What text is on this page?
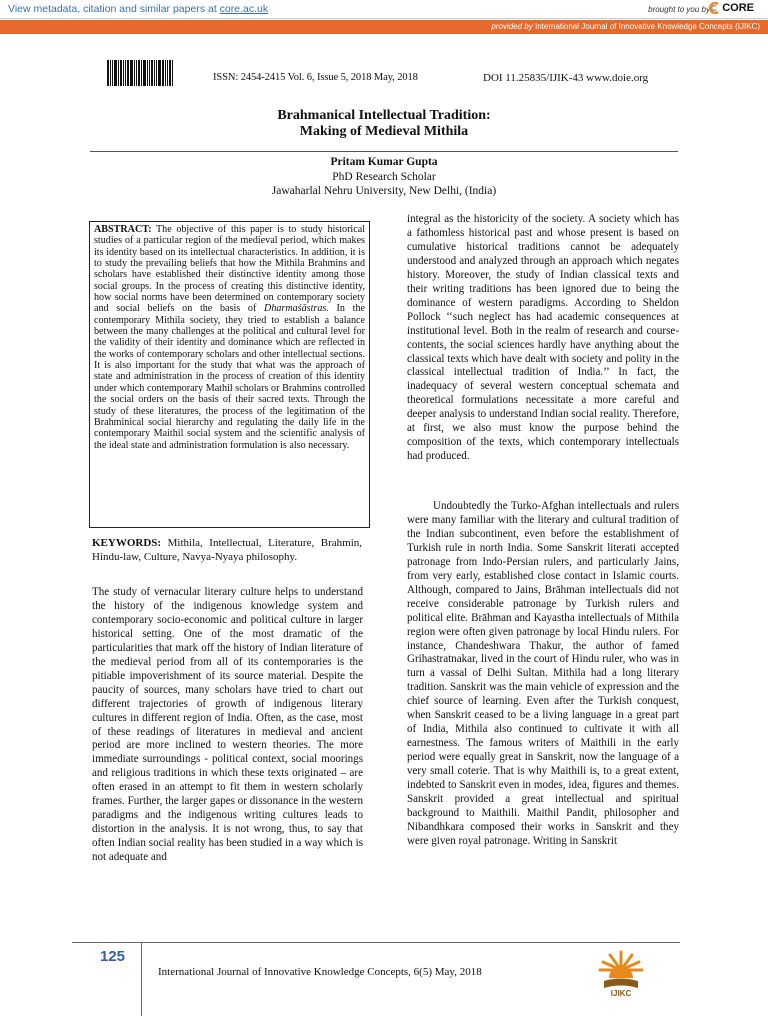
View metadata, citation and similar papers at core.ac.uk	brought to you by	CORE
provided by International Journal of Innovative Knowledge Concepts (IJIKC)
ISSN: 2454-2415 Vol. 6, Issue 5, 2018 May, 2018	DOI 11.25835/IJIK-43 www.doie.org
Brahmanical Intellectual Tradition:
Making of Medieval Mithila
Pritam Kumar Gupta
PhD Research Scholar
Jawaharlal Nehru University, New Delhi, (India)
ABSTRACT: The objective of this paper is to study historical studies of a particular region of the medieval period, which makes its identity based on its intellectual characteristics. In addition, it is to study the prevailing beliefs that how the Mithila Brahmins and scholars have established their distinctive identity among those social groups. In the process of creating this distinctive identity, how social norms have been determined on contemporary society and social beliefs on the basis of Dharmaśāstras. In the contemporary Mithila society, they tried to establish a balance between the many challenges at the political and cultural level for the validity of their identity and dominance which are reflected in the works of contemporary scholars and other intellectual sections. It is also important for the study that what was the approach of state and administration in the process of creation of this identity under which contemporary Mathil scholars or Brahmins controlled the social orders on the basis of their sacred texts. Through the study of these literatures, the process of the legitimation of the Brahminical social hierarchy and regulating the daily life in the contemporary Maithil social system and the scientific analysis of the ideal state and administration formulation is also necessary.
KEYWORDS: Mithila, Intellectual, Literature, Brahmin, Hindu-law, Culture, Navya-Nyaya philosophy.
The study of vernacular literary culture helps to understand the history of the indigenous knowledge system and contemporary socio-economic and political culture in larger historical setting. One of the most dramatic of the particularities that mark off the history of Indian literature of the medieval period from all of its contemporaries is the pitiable impoverishment of its source material. Despite the paucity of sources, many scholars have tried to chart out different trajectories of growth of indigenous literary cultures in different region of India. Often, as the case, most of these readings of literatures in medieval and ancient period are more inclined to western theories. The more immediate surroundings - political context, social moorings and religious traditions in which these texts originated – are often erased in an attempt to fit them in western scholarly frames. Further, the larger gapes or dissonance in the western paradigms and the indigenous writing cultures leads to distortion in the analysis. It is not wrong, thus, to say that often Indian social reality has been studied in a way which is not adequate and
integral as the historicity of the society. A society which has a fathomless historical past and whose present is based on cumulative historical traditions cannot be adequately understood and analyzed through an approach which negates history. Moreover, the study of Indian classical texts and their writing traditions has been ignored due to being the dominance of western paradigms. According to Sheldon Pollock ‘‘such neglect has had academic consequences at institutional level. Both in the realm of research and course-contents, the social sciences hardly have anything about the classical texts which have dealt with society and polity in the classical intellectual tradition of India.’’ In fact, the inadequacy of several western conceptual schemata and theoretical formulations necessitate a more careful and deeper analysis to understand Indian social reality. Therefore, at first, we also must know the purpose behind the composition of the texts, which contemporary intellectuals had produced.
Undoubtedly the Turko-Afghan intellectuals and rulers were many familiar with the literary and cultural tradition of the Indian subcontinent, even before the establishment of Turkish rule in north India. Some Sanskrit literati accepted patronage from Indo-Persian rulers, and particularly Jains, from very early, established close contact in Islamic courts. Although, compared to Jains, Brāhman intellectuals did not receive considerable patronage by Turkish rulers and political elite. Brāhman and Kayastha intellectuals of Mithila region were often given patronage by local Hindu rulers. For instance, Chandeshwara Thakur, the author of famed Grihastratnakar, lived in the court of Hindu ruler, who was in turn a vassal of Delhi Sultan. Mithila had a long literary tradition. Sanskrit was the main vehicle of expression and the chief source of learning. Even after the Turkish conquest, when Sanskrit ceased to be a living language in a great part of India, Mithila also continued to cultivate it with all earnestness. The famous writers of Maithili in the early period were equally great in Sanskrit, now the language of a very small coterie. That is why Maithili is, to a great extent, indebted to Sanskrit even in modes, idea, figures and themes. Sanskrit provided a great intellectual and spiritual background to Maithili. Maithil Pandit, philosopher and Nibandhkara composed their works in Sanskrit and they were given royal patronage. Writing in Sanskrit
125
International Journal of Innovative Knowledge Concepts, 6(5) May, 2018
IJIKC
